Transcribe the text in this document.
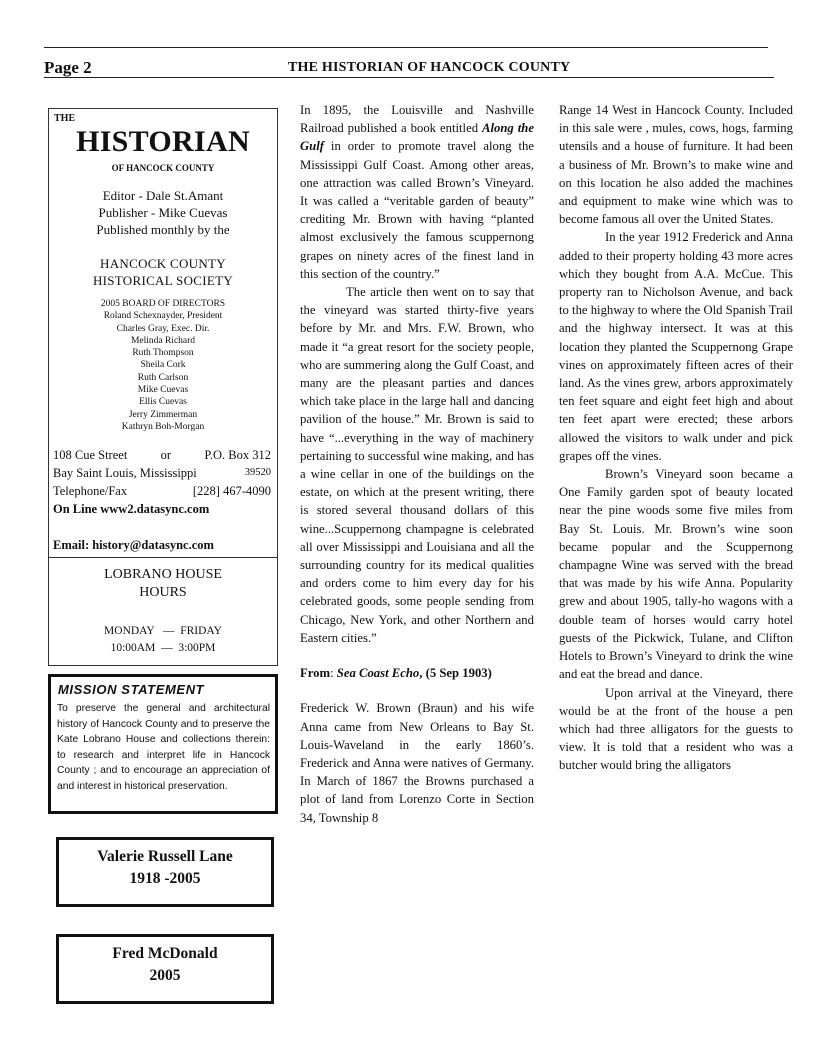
Page 2	THE HISTORIAN OF HANCOCK COUNTY
THE
HISTORIAN
OF HANCOCK COUNTY
Editor - Dale St.Amant
Publisher - Mike Cuevas
Published monthly by the
HANCOCK COUNTY
HISTORICAL SOCIETY
2005 BOARD OF DIRECTORS
Roland Schexnayder, President
Charles Gray, Exec. Dir.
Melinda Richard
Ruth Thompson
Sheila Cork
Ruth Carlson
Mike Cuevas
Ellis Cuevas
Jerry Zimmerman
Kathryn Boh-Morgan
108 Cue Street	or	P.O. Box 312
Bay Saint Louis, Mississippi	39520
Telephone/Fax	[228] 467-4090
On Line www2.datasync.com
Email: history@datasync.com
LOBRANO HOUSE
HOURS
MONDAY   —  FRIDAY
10:00AM  —  3:00PM
MISSION STATEMENT
To preserve the general and architectural history of Hancock County and to preserve the Kate Lobrano House and collections therein: to research and interpret life in Hancock County ; and to encourage an appreciation of and interest in historical preservation.
Valerie Russell Lane
1918 -2005
Fred McDonald
2005

In 1895, the Louisville and Nashville Railroad published a book entitled Along the Gulf in order to promote travel along the Mississippi Gulf Coast. Among other areas, one attraction was called Brown’s Vineyard. It was called a “veritable garden of beauty” crediting Mr. Brown with having “planted almost exclusively the famous scuppernong grapes on ninety acres of the finest land in this section of the country.”

The article then went on to say that the vineyard was started thirty-five years before by Mr. and Mrs. F.W. Brown, who made it “a great resort for the society people, who are summering along the Gulf Coast, and many are the pleasant parties and dances which take place in the large hall and dancing pavilion of the house.” Mr. Brown is said to have “...everything in the way of machinery pertaining to successful wine making, and has a wine cellar in one of the buildings on the estate, on which at the present writing, there is stored several thousand dollars of this wine...Scuppernong champagne is celebrated all over Mississippi and Louisiana and all the surrounding country for its medical qualities and orders come to him every day for his celebrated goods, some people sending from Chicago, New York, and other Northern and Eastern cities.”

From: Sea Coast Echo, (5 Sep 1903)

Frederick W. Brown (Braun) and his wife Anna came from New Orleans to Bay St. Louis-Waveland in the early 1860’s. Frederick and Anna were natives of Germany. In March of 1867 the Browns purchased a plot of land from Lorenzo Corte in Section 34, Township 8

Range 14 West in Hancock County. Included in this sale were , mules, cows, hogs, farming utensils and a house of furniture. It had been a business of Mr. Brown’s to make wine and on this location he also added the machines and equipment to make wine which was to become famous all over the United States.

In the year 1912 Frederick and Anna added to their property holding 43 more acres which they bought from A.A. McCue. This property ran to Nicholson Avenue, and back to the highway to where the Old Spanish Trail and the highway intersect. It was at this location they planted the Scuppernong Grape vines on approximately fifteen acres of their land. As the vines grew, arbors approximately ten feet square and eight feet high and about ten feet apart were erected; these arbors allowed the visitors to walk under and pick grapes off the vines.

Brown’s Vineyard soon became a One Family garden spot of beauty located near the pine woods some five miles from Bay St. Louis. Mr. Brown’s wine soon became popular and the Scuppernong champagne Wine was served with the bread that was made by his wife Anna. Popularity grew and about 1905, tally-ho wagons with a double team of horses would carry hotel guests of the Pickwick, Tulane, and Clifton Hotels to Brown’s Vineyard to drink the wine and eat the bread and dance.

Upon arrival at the Vineyard, there would be at the front of the house a pen which had three alligators for the guests to view. It is told that a resident who was a butcher would bring the alligators
